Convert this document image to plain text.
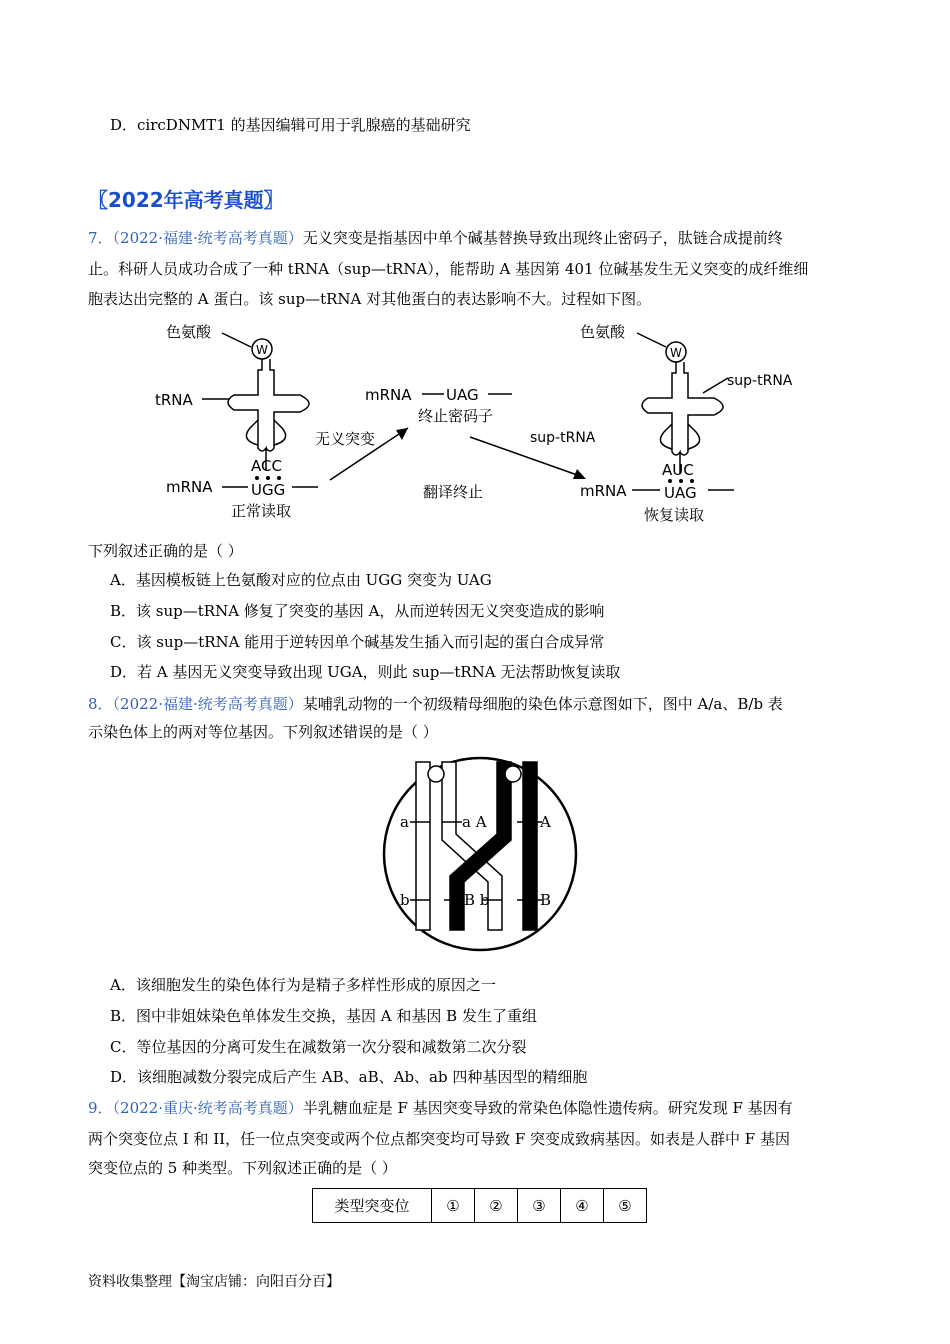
D．circDNMT1 的基因编辑可用于乳腺癌的基础研究
〖2022年高考真题〗
7．（2022·福建·统考高考真题）无义突变是指基因中单个碱基替换导致出现终止密码子，肽链合成提前终
止。科研人员成功合成了一种 tRNA（sup—tRNA），能帮助 A 基因第 401 位碱基发生无义突变的成纤维细
胞表达出完整的 A 蛋白。该 sup—tRNA 对其他蛋白的表达影响不大。过程如下图。
色氨酸
W
tRNA
ACC
UGG
mRNA
正常读取
无义突变
mRNA UAG
终止密码子
sup-tRNA
翻译终止
色氨酸
W
sup-tRNA
AUC
UAG
mRNA
恢复读取
下列叙述正确的是（ ）
A．基因模板链上色氨酸对应的位点由 UGG 突变为 UAG
B．该 sup—tRNA 修复了突变的基因 A，从而逆转因无义突变造成的影响
C．该 sup—tRNA 能用于逆转因单个碱基发生插入而引起的蛋白合成异常
D．若 A 基因无义突变导致出现 UGA，则此 sup—tRNA 无法帮助恢复读取
8．（2022·福建·统考高考真题）某哺乳动物的一个初级精母细胞的染色体示意图如下，图中 A/a、B/b 表
示染色体上的两对等位基因。下列叙述错误的是（ ）
a	a A	A
b	B b	B
A．该细胞发生的染色体行为是精子多样性形成的原因之一
B．图中非姐妹染色单体发生交换，基因 A 和基因 B 发生了重组
C．等位基因的分离可发生在减数第一次分裂和减数第二次分裂
D．该细胞减数分裂完成后产生 AB、aB、Ab、ab 四种基因型的精细胞
9．（2022·重庆·统考高考真题）半乳糖血症是 F 基因突变导致的常染色体隐性遗传病。研究发现 F 基因有
两个突变位点 I 和 II，任一位点突变或两个位点都突变均可导致 F 突变成致病基因。如表是人群中 F 基因
突变位点的 5 种类型。下列叙述正确的是（ ）
类型突变位	①	②	③	④	⑤
资料收集整理【淘宝店铺：向阳百分百】
